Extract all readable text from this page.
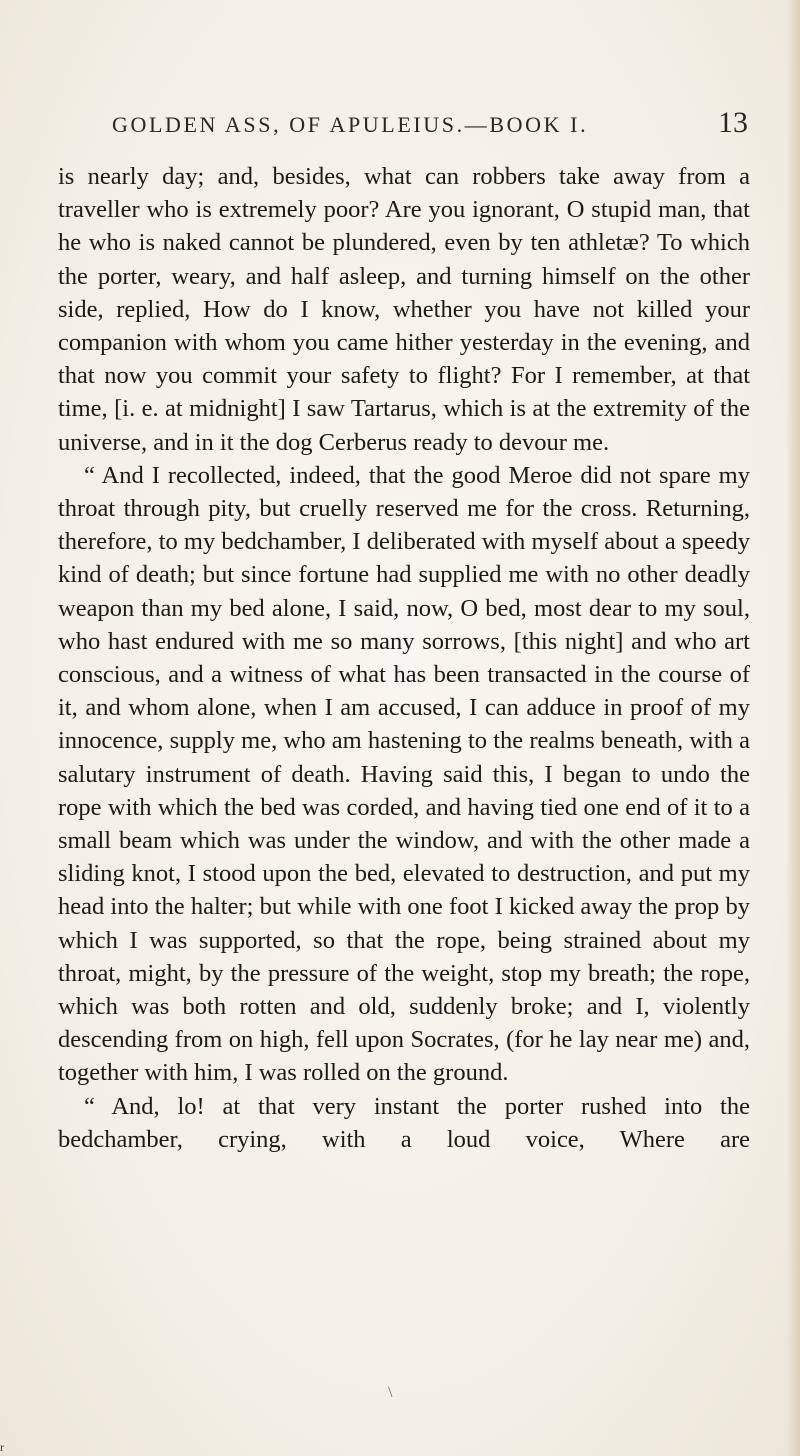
GOLDEN ASS, OF APULEIUS.—BOOK I.	13

is nearly day; and, besides, what can robbers take away from a traveller who is extremely poor? Are you ignorant, O stupid man, that he who is naked cannot be plundered, even by ten athletæ? To which the porter, weary, and half asleep, and turning himself on the other side, replied, How do I know, whether you have not killed your companion with whom you came hither yesterday in the evening, and that now you commit your safety to flight? For I remember, at that time, [i. e. at midnight] I saw Tartarus, which is at the extremity of the universe, and in it the dog Cerberus ready to devour me.

“ And I recollected, indeed, that the good Meroe did not spare my throat through pity, but cruelly reserved me for the cross. Returning, therefore, to my bedchamber, I deliberated with myself about a speedy kind of death; but since fortune had supplied me with no other deadly weapon than my bed alone, I said, now, O bed, most dear to my soul, who hast endured with me so many sorrows, [this night] and who art conscious, and a witness of what has been transacted in the course of it, and whom alone, when I am accused, I can adduce in proof of my innocence, supply me, who am hastening to the realms beneath, with a salutary instrument of death. Having said this, I began to undo the rope with which the bed was corded, and having tied one end of it to a small beam which was under the window, and with the other made a sliding knot, I stood upon the bed, elevated to destruction, and put my head into the halter; but while with one foot I kicked away the prop by which I was supported, so that the rope, being strained about my throat, might, by the pressure of the weight, stop my breath; the rope, which was both rotten and old, suddenly broke; and I, violently descending from on high, fell upon Socrates, (for he lay near me) and, together with him, I was rolled on the ground.

“ And, lo! at that very instant the porter rushed into the bedchamber, crying, with a loud voice, Where are

\
r
